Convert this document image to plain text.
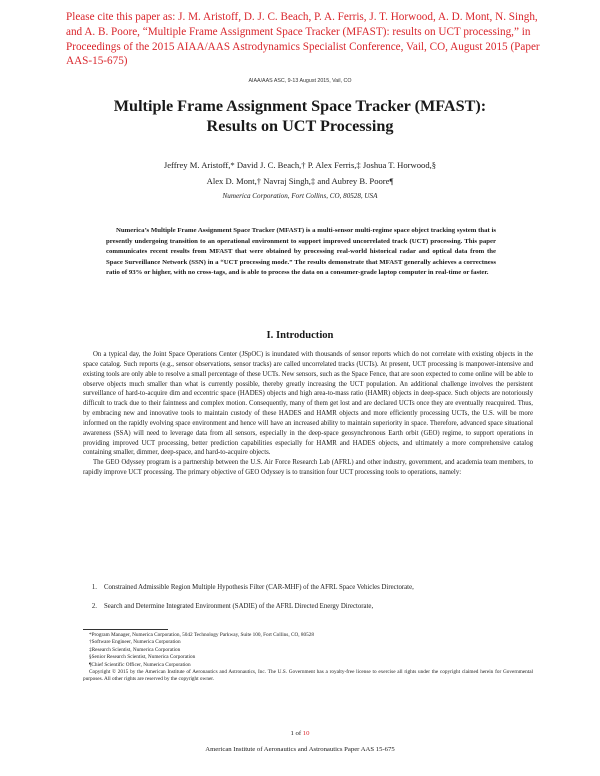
Please cite this paper as: J. M. Aristoff, D. J. C. Beach, P. A. Ferris, J. T. Horwood, A. D. Mont, N. Singh, and A. B. Poore, “Multiple Frame Assignment Space Tracker (MFAST): results on UCT processing,” in Proceedings of the 2015 AIAA/AAS Astrodynamics Specialist Conference, Vail, CO, August 2015 (Paper AAS-15-675)
AIAA/AAS ASC, 9-13 August 2015, Vail, CO
Multiple Frame Assignment Space Tracker (MFAST):
Results on UCT Processing
Jeffrey M. Aristoff,* David J. C. Beach,† P. Alex Ferris,‡ Joshua T. Horwood,§
Alex D. Mont,† Navraj Singh,‡ and Aubrey B. Poore¶
Numerica Corporation, Fort Collins, CO, 80528, USA
Numerica’s Multiple Frame Assignment Space Tracker (MFAST) is a multi-sensor multi-regime space object tracking system that is presently undergoing transition to an operational environment to support improved uncorrelated track (UCT) processing. This paper communicates recent results from MFAST that were obtained by processing real-world historical radar and optical data from the Space Surveillance Network (SSN) in a “UCT processing mode.” The results demonstrate that MFAST generally achieves a correctness ratio of 93% or higher, with no cross-tags, and is able to process the data on a consumer-grade laptop computer in real-time or faster.
I. Introduction

On a typical day, the Joint Space Operations Center (JSpOC) is inundated with thousands of sensor reports which do not correlate with existing objects in the space catalog. Such reports (e.g., sensor observations, sensor tracks) are called uncorrelated tracks (UCTs). At present, UCT processing is manpower-intensive and existing tools are only able to resolve a small percentage of these UCTs. New sensors, such as the Space Fence, that are soon expected to come online will be able to observe objects much smaller than what is currently possible, thereby greatly increasing the UCT population. An additional challenge involves the persistent surveillance of hard-to-acquire dim and eccentric space (HADES) objects and high area-to-mass ratio (HAMR) objects in deep-space. Such objects are notoriously difficult to track due to their faintness and complex motion. Consequently, many of them get lost and are declared UCTs once they are eventually reacquired. Thus, by embracing new and innovative tools to maintain custody of these HADES and HAMR objects and more efficiently processing UCTs, the U.S. will be more informed on the rapidly evolving space environment and hence will have an increased ability to maintain superiority in space. Therefore, advanced space situational awareness (SSA) will need to leverage data from all sensors, especially in the deep-space geosynchronous Earth orbit (GEO) regime, to support operations in providing improved UCT processing, better prediction capabilities especially for HAMR and HADES objects, and ultimately a more comprehensive catalog containing smaller, dimmer, deep-space, and hard-to-acquire objects.

The GEO Odyssey program is a partnership between the U.S. Air Force Research Lab (AFRL) and other industry, government, and academia team members, to rapidly improve UCT processing. The primary objective of GEO Odyssey is to transition four UCT processing tools to operations, namely:

1. Constrained Admissible Region Multiple Hypothesis Filter (CAR-MHF) of the AFRL Space Vehicles Directorate,
2. Search and Determine Integrated Environment (SADIE) of the AFRL Directed Energy Directorate,
*Program Manager, Numerica Corporation, 5042 Technology Parkway, Suite 100, Fort Collins, CO, 80528
†Software Engineer, Numerica Corporation
‡Research Scientist, Numerica Corporation
§Senior Research Scientist, Numerica Corporation
¶Chief Scientific Officer, Numerica Corporation
Copyright © 2015 by the American Institute of Aeronautics and Astronautics, Inc. The U.S. Government has a royalty-free license to exercise all rights under the copyright claimed herein for Governmental purposes. All other rights are reserved by the copyright owner.
1 of 10
American Institute of Aeronautics and Astronautics Paper AAS 15-675
